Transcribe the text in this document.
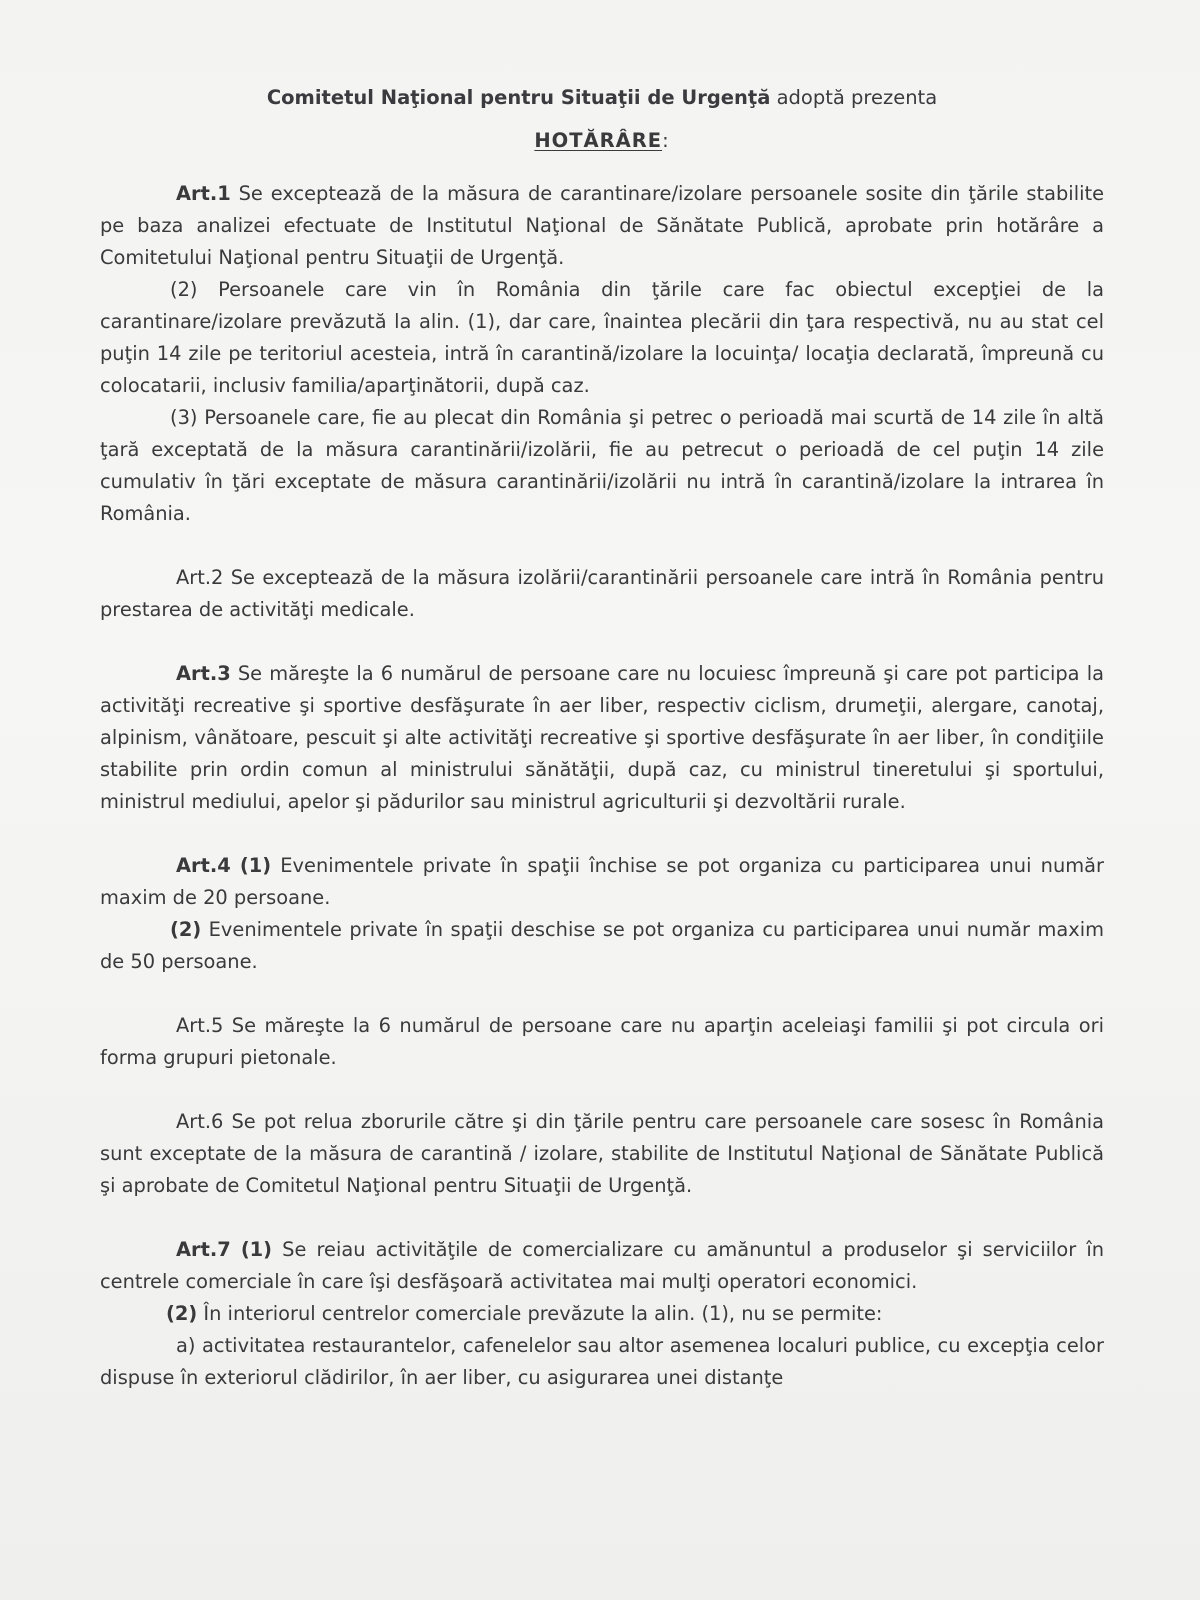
Comitetul Naţional pentru Situaţii de Urgenţă adoptă prezenta

HOTĂRÂRE:

Art.1 Se exceptează de la măsura de carantinare/izolare persoanele sosite din ţările stabilite pe baza analizei efectuate de Institutul Naţional de Sănătate Publică, aprobate prin hotărâre a Comitetului Naţional pentru Situaţii de Urgenţă.

(2) Persoanele care vin în România din ţările care fac obiectul excepţiei de la carantinare/izolare prevăzută la alin. (1), dar care, înaintea plecării din ţara respectivă, nu au stat cel puţin 14 zile pe teritoriul acesteia, intră în carantină/izolare la locuinţa/ locaţia declarată, împreună cu colocatarii, inclusiv familia/aparţinătorii, după caz.

(3) Persoanele care, fie au plecat din România şi petrec o perioadă mai scurtă de 14 zile în altă ţară exceptată de la măsura carantinării/izolării, fie au petrecut o perioadă de cel puţin 14 zile cumulativ în ţări exceptate de măsura carantinării/izolării nu intră în carantină/izolare la intrarea în România.

Art.2 Se exceptează de la măsura izolării/carantinării persoanele care intră în România pentru prestarea de activităţi medicale.

Art.3 Se măreşte la 6 numărul de persoane care nu locuiesc împreună şi care pot participa la activităţi recreative şi sportive desfăşurate în aer liber, respectiv ciclism, drumeţii, alergare, canotaj, alpinism, vânătoare, pescuit şi alte activităţi recreative şi sportive desfăşurate în aer liber, în condiţiile stabilite prin ordin comun al ministrului sănătăţii, după caz, cu ministrul tineretului şi sportului, ministrul mediului, apelor şi pădurilor sau ministrul agriculturii şi dezvoltării rurale.

Art.4 (1) Evenimentele private în spaţii închise se pot organiza cu participarea unui număr maxim de 20 persoane.

(2) Evenimentele private în spaţii deschise se pot organiza cu participarea unui număr maxim de 50 persoane.

Art.5 Se măreşte la 6 numărul de persoane care nu aparţin aceleiaşi familii şi pot circula ori forma grupuri pietonale.

Art.6 Se pot relua zborurile către şi din ţările pentru care persoanele care sosesc în România sunt exceptate de la măsura de carantină / izolare, stabilite de Institutul Naţional de Sănătate Publică şi aprobate de Comitetul Naţional pentru Situaţii de Urgenţă.

Art.7 (1) Se reiau activităţile de comercializare cu amănuntul a produselor şi serviciilor în centrele comerciale în care îşi desfăşoară activitatea mai mulţi operatori economici.

(2) În interiorul centrelor comerciale prevăzute la alin. (1), nu se permite:

a) activitatea restaurantelor, cafenelelor sau altor asemenea localuri publice, cu excepţia celor dispuse în exteriorul clădirilor, în aer liber, cu asigurarea unei distanţe
